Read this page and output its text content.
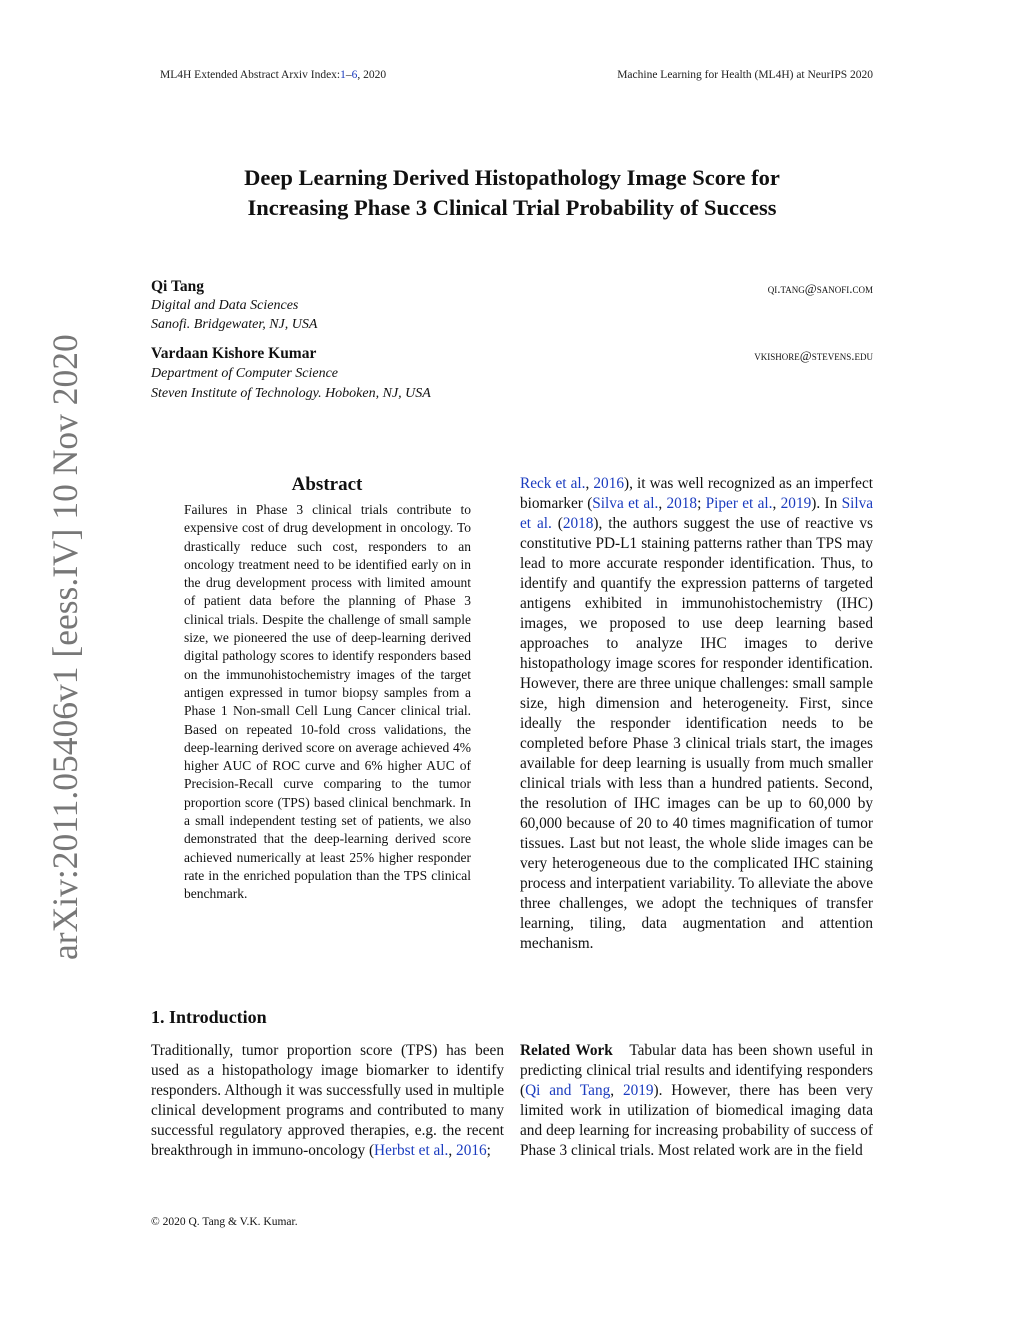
ML4H Extended Abstract Arxiv Index:1–6, 2020	Machine Learning for Health (ML4H) at NeurIPS 2020
arXiv:2011.05406v1 [eess.IV] 10 Nov 2020
Deep Learning Derived Histopathology Image Score for
Increasing Phase 3 Clinical Trial Probability of Success
Qi Tang	qi.tang@sanofi.com
Digital and Data Sciences
Sanofi. Bridgewater, NJ, USA
Vardaan Kishore Kumar	vkishore@stevens.edu
Department of Computer Science
Steven Institute of Technology. Hoboken, NJ, USA
Abstract

Failures in Phase 3 clinical trials contribute to expensive cost of drug development in oncology. To drastically reduce such cost, responders to an oncology treatment need to be identified early on in the drug development process with limited amount of patient data before the planning of Phase 3 clinical trials. Despite the challenge of small sample size, we pioneered the use of deep-learning derived digital pathology scores to identify responders based on the immunohistochemistry images of the target antigen expressed in tumor biopsy samples from a Phase 1 Non-small Cell Lung Cancer clinical trial. Based on repeated 10-fold cross validations, the deep-learning derived score on average achieved 4% higher AUC of ROC curve and 6% higher AUC of Precision-Recall curve comparing to the tumor proportion score (TPS) based clinical benchmark. In a small independent testing set of patients, we also demonstrated that the deep-learning derived score achieved numerically at least 25% higher responder rate in the enriched population than the TPS clinical benchmark.

1. Introduction

Traditionally, tumor proportion score (TPS) has been used as a histopathology image biomarker to identify responders. Although it was successfully used in multiple clinical development programs and contributed to many successful regulatory approved therapies, e.g. the recent breakthrough in immuno-oncology (Herbst et al., 2016;

Reck et al., 2016), it was well recognized as an imperfect biomarker (Silva et al., 2018; Piper et al., 2019). In Silva et al. (2018), the authors suggest the use of reactive vs constitutive PD-L1 staining patterns rather than TPS may lead to more accurate responder identification. Thus, to identify and quantify the expression patterns of targeted antigens exhibited in immunohistochemistry (IHC) images, we proposed to use deep learning based approaches to analyze IHC images to derive histopathology image scores for responder identification. However, there are three unique challenges: small sample size, high dimension and heterogeneity. First, since ideally the responder identification needs to be completed before Phase 3 clinical trials start, the images available for deep learning is usually from much smaller clinical trials with less than a hundred patients. Second, the resolution of IHC images can be up to 60,000 by 60,000 because of 20 to 40 times magnification of tumor tissues. Last but not least, the whole slide images can be very heterogeneous due to the complicated IHC staining process and interpatient variability. To alleviate the above three challenges, we adopt the techniques of transfer learning, tiling, data augmentation and attention mechanism.

Related Work Tabular data has been shown useful in predicting clinical trial results and identifying responders (Qi and Tang, 2019). However, there has been very limited work in utilization of biomedical imaging data and deep learning for increasing probability of success of Phase 3 clinical trials. Most related work are in the field

© 2020 Q. Tang & V.K. Kumar.
